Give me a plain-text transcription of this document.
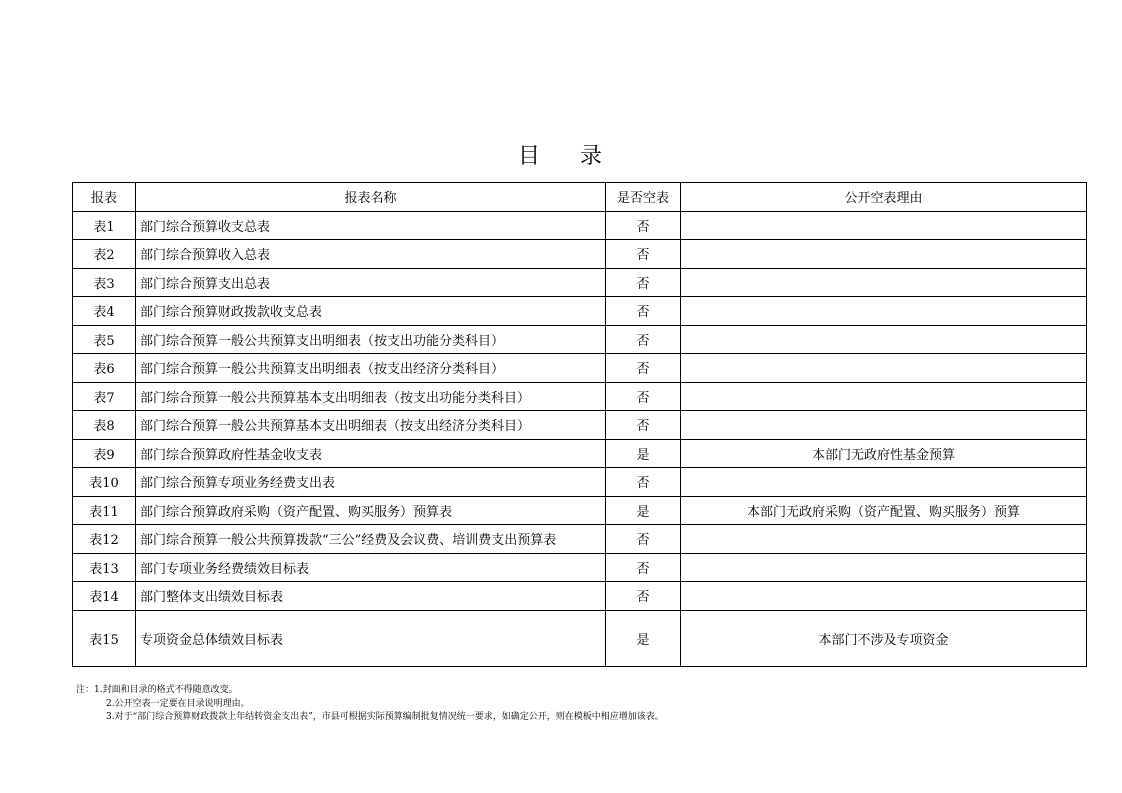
目录
报表	报表名称	是否空表	公开空表理由
表1	部门综合预算收支总表	否	
表2	部门综合预算收入总表	否	
表3	部门综合预算支出总表	否	
表4	部门综合预算财政拨款收支总表	否	
表5	部门综合预算一般公共预算支出明细表（按支出功能分类科目）	否	
表6	部门综合预算一般公共预算支出明细表（按支出经济分类科目）	否	
表7	部门综合预算一般公共预算基本支出明细表（按支出功能分类科目）	否	
表8	部门综合预算一般公共预算基本支出明细表（按支出经济分类科目）	否	
表9	部门综合预算政府性基金收支表	是	本部门无政府性基金预算
表10	部门综合预算专项业务经费支出表	否	
表11	部门综合预算政府采购（资产配置、购买服务）预算表	是	本部门无政府采购（资产配置、购买服务）预算
表12	部门综合预算一般公共预算拨款“三公”经费及会议费、培训费支出预算表	否	
表13	部门专项业务经费绩效目标表	否	
表14	部门整体支出绩效目标表	否	
表15	专项资金总体绩效目标表	是	本部门不涉及专项资金
注：1.封面和目录的格式不得随意改变。
2.公开空表一定要在目录说明理由。
3.对于“部门综合预算财政拨款上年结转资金支出表”，市县可根据实际预算编制批复情况统一要求，如确定公开，则在模板中相应增加该表。
